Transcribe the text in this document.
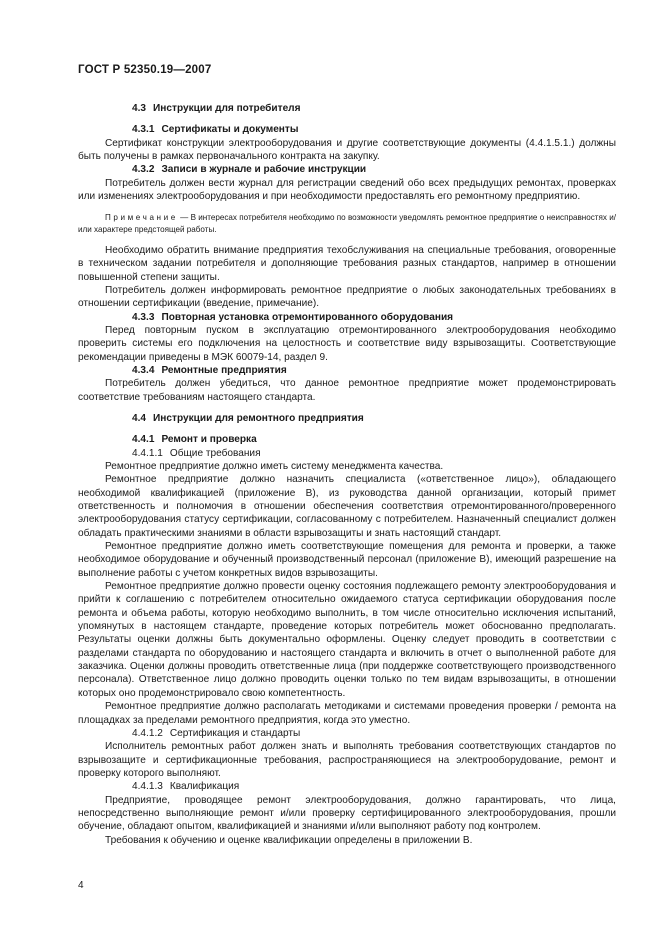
ГОСТ Р 52350.19—2007

4.3 Инструкции для потребителя

4.3.1 Сертификаты и документы

Сертификат конструкции электрооборудования и другие соответствующие документы (4.4.1.5.1.) должны быть получены в рамках первоначального контракта на закупку.

4.3.2 Записи в журнале и рабочие инструкции

Потребитель должен вести журнал для регистрации сведений обо всех предыдущих ремонтах, проверках или изменениях электрооборудования и при необходимости предоставлять его ремонтному предприятию.

Примечание — В интересах потребителя необходимо по возможности уведомлять ремонтное предприятие о неисправностях и/или характере предстоящей работы.

Необходимо обратить внимание предприятия техобслуживания на специальные требования, оговоренные в техническом задании потребителя и дополняющие требования разных стандартов, например в отношении повышенной степени защиты.

Потребитель должен информировать ремонтное предприятие о любых законодательных требованиях в отношении сертификации (введение, примечание).

4.3.3 Повторная установка отремонтированного оборудования

Перед повторным пуском в эксплуатацию отремонтированного электрооборудования необходимо проверить системы его подключения на целостность и соответствие виду взрывозащиты. Соответствующие рекомендации приведены в МЭК 60079-14, раздел 9.

4.3.4 Ремонтные предприятия

Потребитель должен убедиться, что данное ремонтное предприятие может продемонстрировать соответствие требованиям настоящего стандарта.

4.4 Инструкции для ремонтного предприятия

4.4.1 Ремонт и проверка

4.4.1.1 Общие требования

Ремонтное предприятие должно иметь систему менеджмента качества.

Ремонтное предприятие должно назначить специалиста («ответственное лицо»), обладающего необходимой квалификацией (приложение В), из руководства данной организации, который примет ответственность и полномочия в отношении обеспечения соответствия отремонтированного/проверенного электрооборудования статусу сертификации, согласованному с потребителем. Назначенный специалист должен обладать практическими знаниями в области взрывозащиты и знать настоящий стандарт.

Ремонтное предприятие должно иметь соответствующие помещения для ремонта и проверки, а также необходимое оборудование и обученный производственный персонал (приложение В), имеющий разрешение на выполнение работы с учетом конкретных видов взрывозащиты.

Ремонтное предприятие должно провести оценку состояния подлежащего ремонту электрооборудования и прийти к соглашению с потребителем относительно ожидаемого статуса сертификации оборудования после ремонта и объема работы, которую необходимо выполнить, в том числе относительно исключения испытаний, упомянутых в настоящем стандарте, проведение которых потребитель может обоснованно предполагать. Результаты оценки должны быть документально оформлены. Оценку следует проводить в соответствии с разделами стандарта по оборудованию и настоящего стандарта и включить в отчет о выполненной работе для заказчика. Оценки должны проводить ответственные лица (при поддержке соответствующего производственного персонала). Ответственное лицо должно проводить оценки только по тем видам взрывозащиты, в отношении которых оно продемонстрировало свою компетентность.

Ремонтное предприятие должно располагать методиками и системами проведения проверки / ремонта на площадках за пределами ремонтного предприятия, когда это уместно.

4.4.1.2 Сертификация и стандарты

Исполнитель ремонтных работ должен знать и выполнять требования соответствующих стандартов по взрывозащите и сертификационные требования, распространяющиеся на электрооборудование, ремонт и проверку которого выполняют.

4.4.1.3 Квалификация

Предприятие, проводящее ремонт электрооборудования, должно гарантировать, что лица, непосредственно выполняющие ремонт и/или проверку сертифицированного электрооборудования, прошли обучение, обладают опытом, квалификацией и знаниями и/или выполняют работу под контролем.

Требования к обучению и оценке квалификации определены в приложении В.

4
